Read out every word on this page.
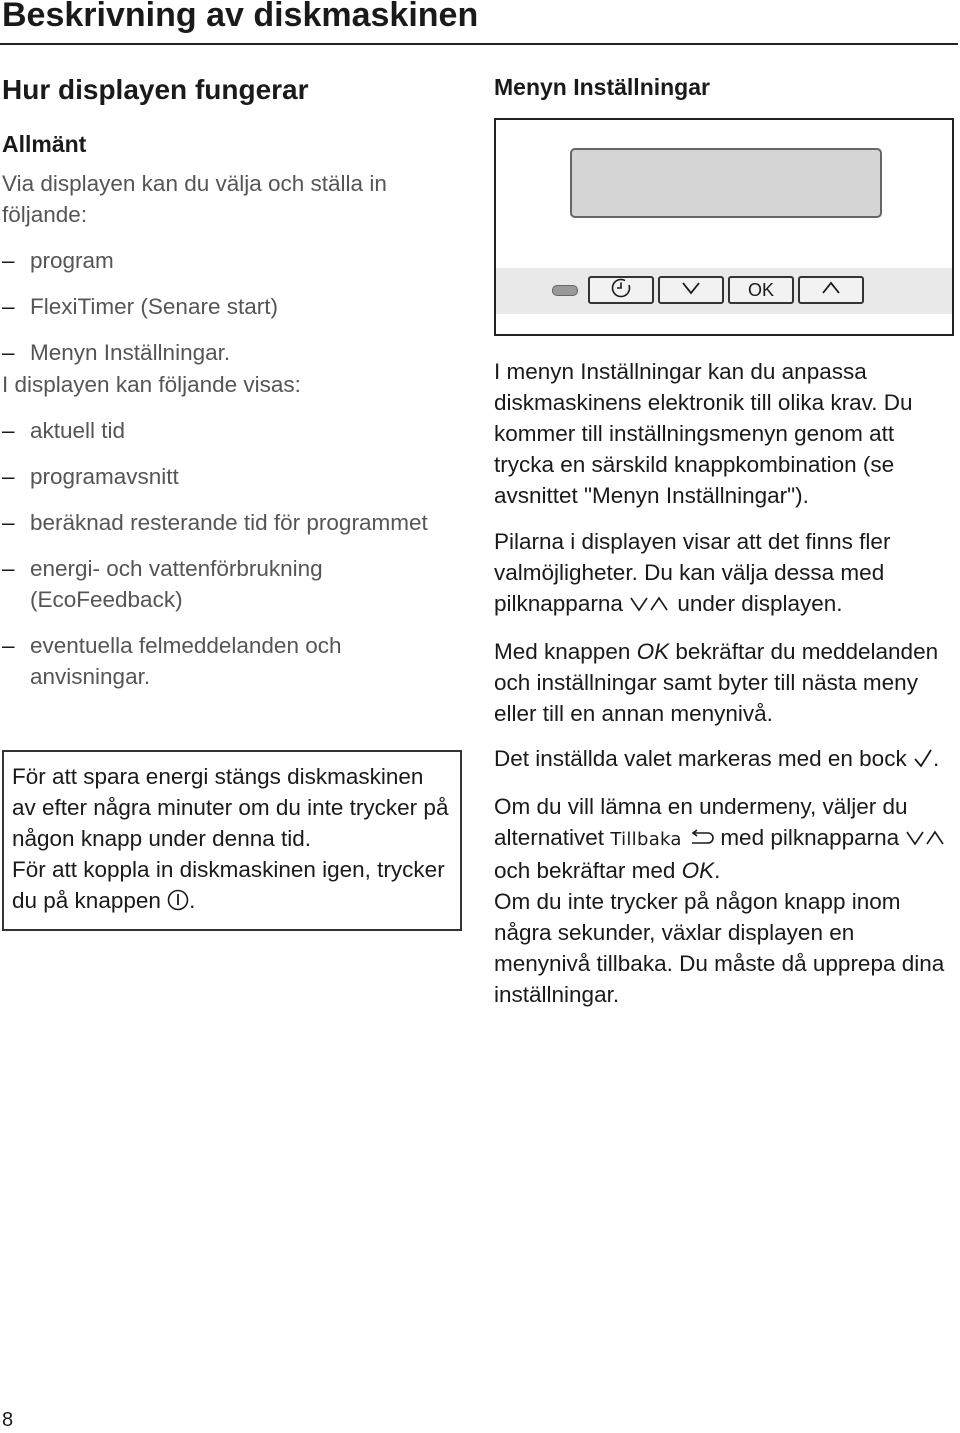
Beskrivning av diskmaskinen
Hur displayen fungerar
Allmänt

Via displayen kan du välja och ställa in följande:

– program
– FlexiTimer (Senare start)
– Menyn Inställningar.

I displayen kan följande visas:

– aktuell tid
– programavsnitt
– beräknad resterande tid för programmet
– energi- och vattenförbrukning (EcoFeedback)
– eventuella felmeddelanden och anvisningar.
För att spara energi stängs diskmaskinen av efter några minuter om du inte trycker på någon knapp under denna tid.
För att koppla in diskmaskinen igen, trycker du på knappen .
Menyn Inställningar
OK

I menyn Inställningar kan du anpassa diskmaskinens elektronik till olika krav. Du kommer till inställningsmenyn genom att trycka en särskild knappkombination (se avsnittet "Menyn Inställningar").

Pilarna i displayen visar att det finns fler valmöjligheter. Du kan välja dessa med pilknapparna under displayen.

Med knappen OK bekräftar du meddelanden och inställningar samt byter till nästa meny eller till en annan menynivå.

Det inställda valet markeras med en bock .

Om du vill lämna en undermeny, väljer du alternativet Tillbaka med pilknapparna  och bekräftar med OK.

Om du inte trycker på någon knapp inom några sekunder, växlar displayen en menynivå tillbaka. Du måste då upprepa dina inställningar.

8
